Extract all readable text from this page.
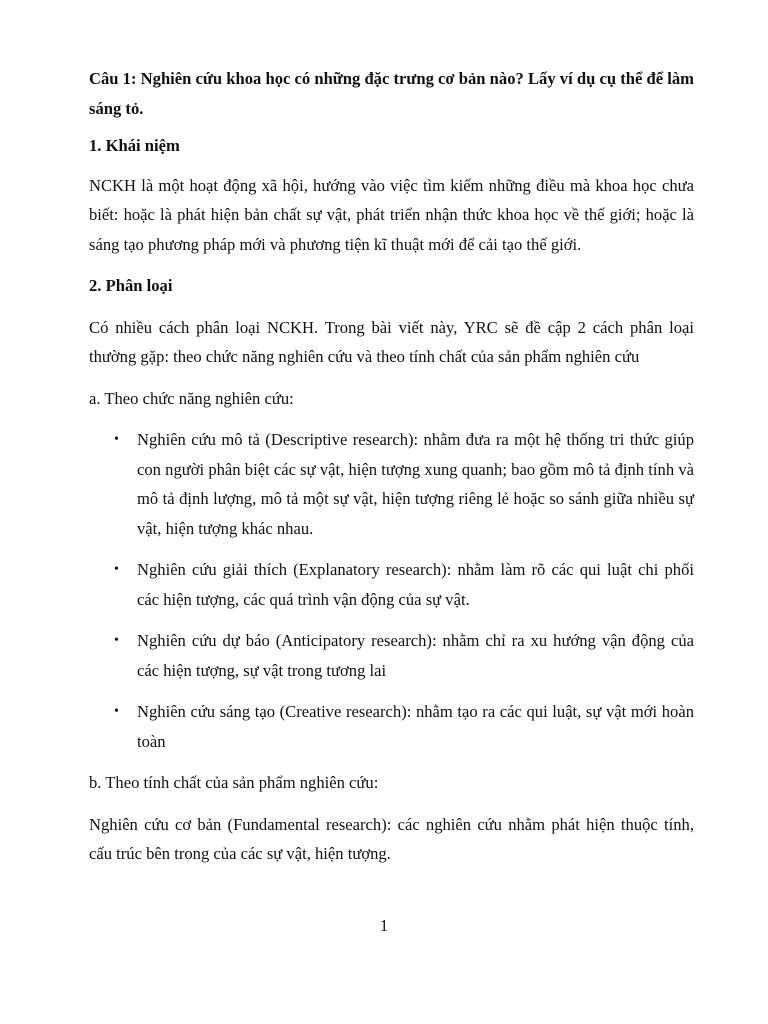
Câu 1: Nghiên cứu khoa học có những đặc trưng cơ bản nào? Lấy ví dụ cụ thể để làm sáng tỏ.

1. Khái niệm

NCKH là một hoạt động xã hội, hướng vào việc tìm kiếm những điều mà khoa học chưa biết: hoặc là phát hiện bản chất sự vật, phát triển nhận thức khoa học về thế giới; hoặc là sáng tạo phương pháp mới và phương tiện kĩ thuật mới để cải tạo thế giới.

2. Phân loại

Có nhiều cách phân loại NCKH. Trong bài viết này, YRC sẽ đề cập 2 cách phân loại thường gặp: theo chức năng nghiên cứu và theo tính chất của sản phẩm nghiên cứu

a. Theo chức năng nghiên cứu:

• Nghiên cứu mô tả (Descriptive research): nhằm đưa ra một hệ thống tri thức giúp con người phân biệt các sự vật, hiện tượng xung quanh; bao gồm mô tả định tính và mô tả định lượng, mô tả một sự vật, hiện tượng riêng lẻ hoặc so sánh giữa nhiều sự vật, hiện tượng khác nhau.
• Nghiên cứu giải thích (Explanatory research): nhằm làm rõ các qui luật chi phối các hiện tượng, các quá trình vận động của sự vật.
• Nghiên cứu dự báo (Anticipatory research): nhằm chỉ ra xu hướng vận động của các hiện tượng, sự vật trong tương lai
• Nghiên cứu sáng tạo (Creative research): nhằm tạo ra các qui luật, sự vật mới hoàn toàn

b. Theo tính chất của sản phẩm nghiên cứu:

Nghiên cứu cơ bản (Fundamental research): các nghiên cứu nhằm phát hiện thuộc tính, cấu trúc bên trong của các sự vật, hiện tượng.

1
